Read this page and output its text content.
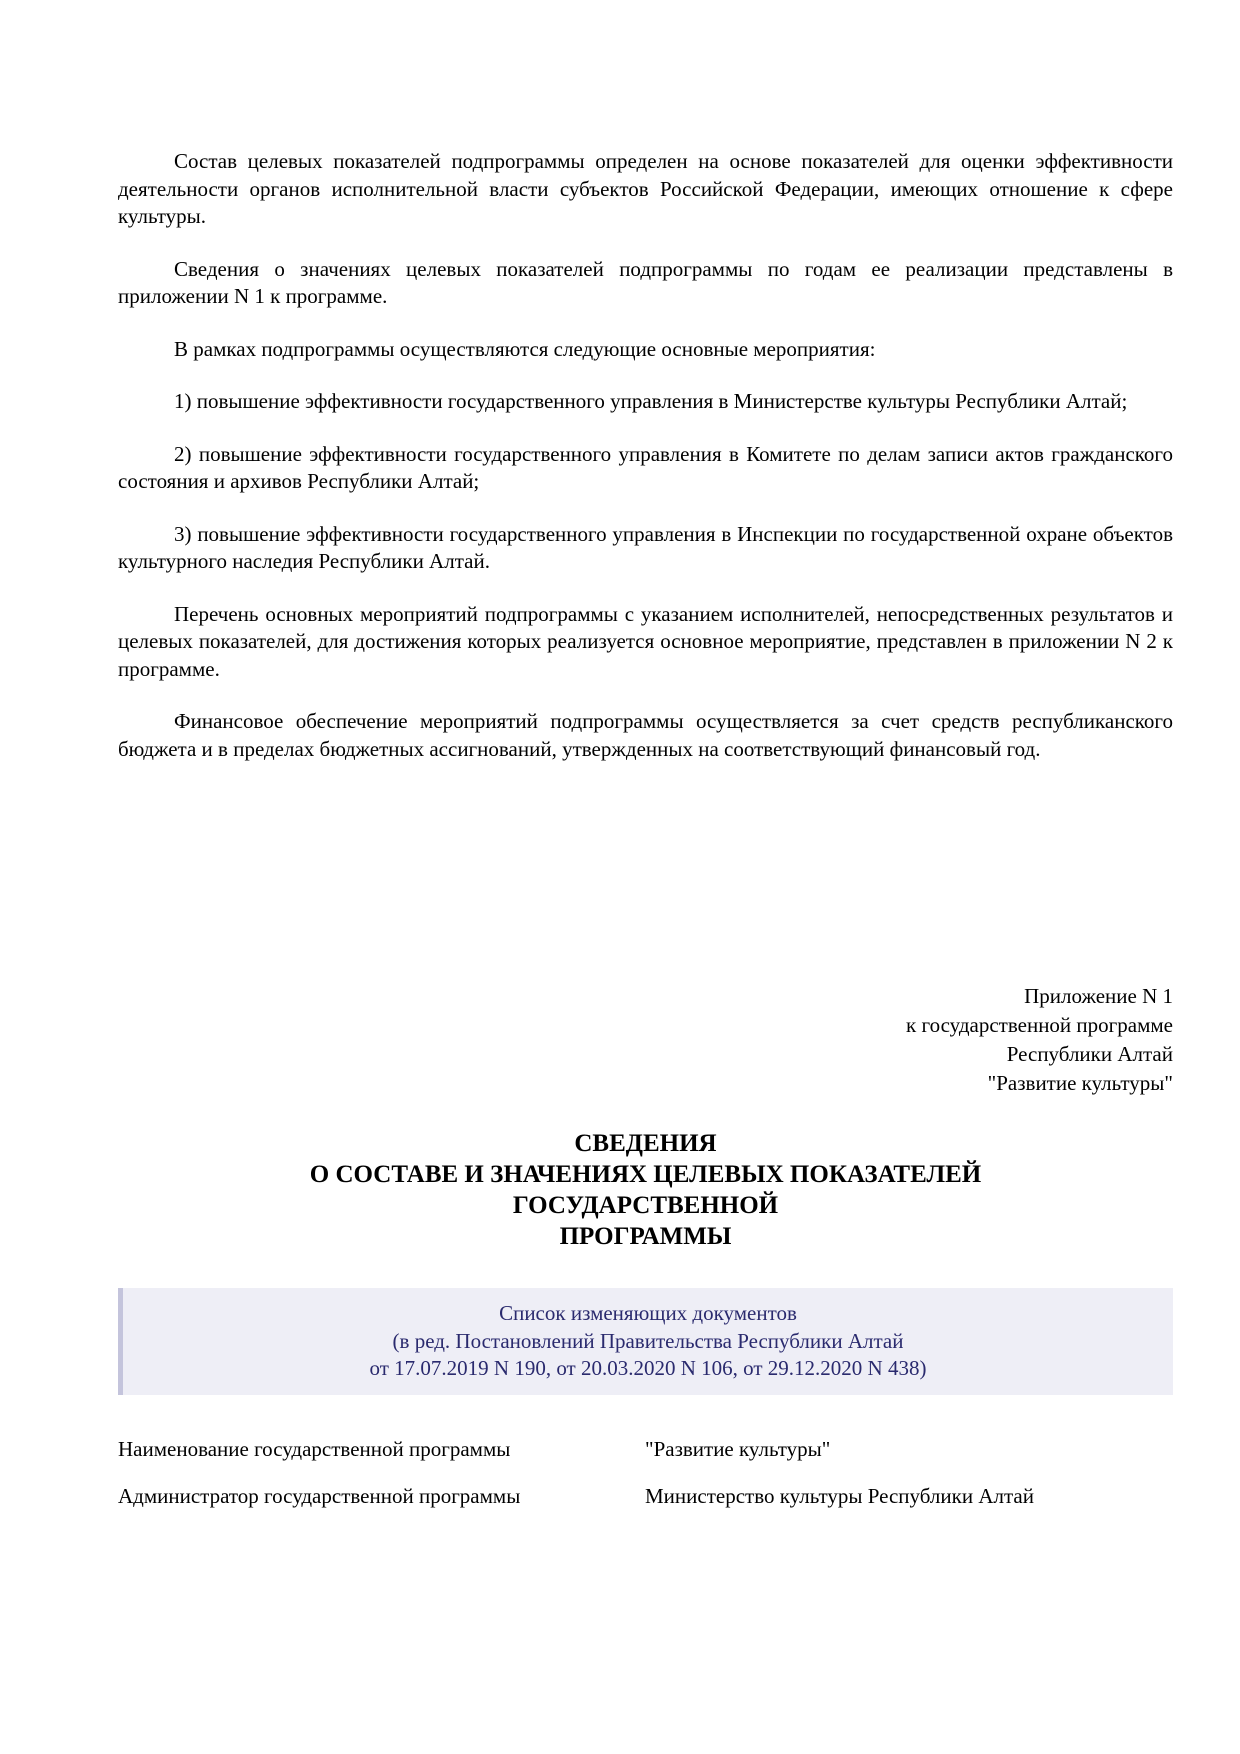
Состав целевых показателей подпрограммы определен на основе показателей для оценки эффективности деятельности органов исполнительной власти субъектов Российской Федерации, имеющих отношение к сфере культуры.

Сведения о значениях целевых показателей подпрограммы по годам ее реализации представлены в приложении N 1 к программе.

В рамках подпрограммы осуществляются следующие основные мероприятия:

1) повышение эффективности государственного управления в Министерстве культуры Республики Алтай;

2) повышение эффективности государственного управления в Комитете по делам записи актов гражданского состояния и архивов Республики Алтай;

3) повышение эффективности государственного управления в Инспекции по государственной охране объектов культурного наследия Республики Алтай.

Перечень основных мероприятий подпрограммы с указанием исполнителей, непосредственных результатов и целевых показателей, для достижения которых реализуется основное мероприятие, представлен в приложении N 2 к программе.

Финансовое обеспечение мероприятий подпрограммы осуществляется за счет средств республиканского бюджета и в пределах бюджетных ассигнований, утвержденных на соответствующий финансовый год.

Приложение N 1
к государственной программе
Республики Алтай
"Развитие культуры"
СВЕДЕНИЯ
О СОСТАВЕ И ЗНАЧЕНИЯХ ЦЕЛЕВЫХ ПОКАЗАТЕЛЕЙ
ГОСУДАРСТВЕННОЙ
ПРОГРАММЫ
Список изменяющих документов
(в ред. Постановлений Правительства Республики Алтай
от 17.07.2019 N 190, от 20.03.2020 N 106, от 29.12.2020 N 438)
Наименование государственной программы	"Развитие культуры"
Администратор государственной программы	Министерство культуры Республики Алтай
